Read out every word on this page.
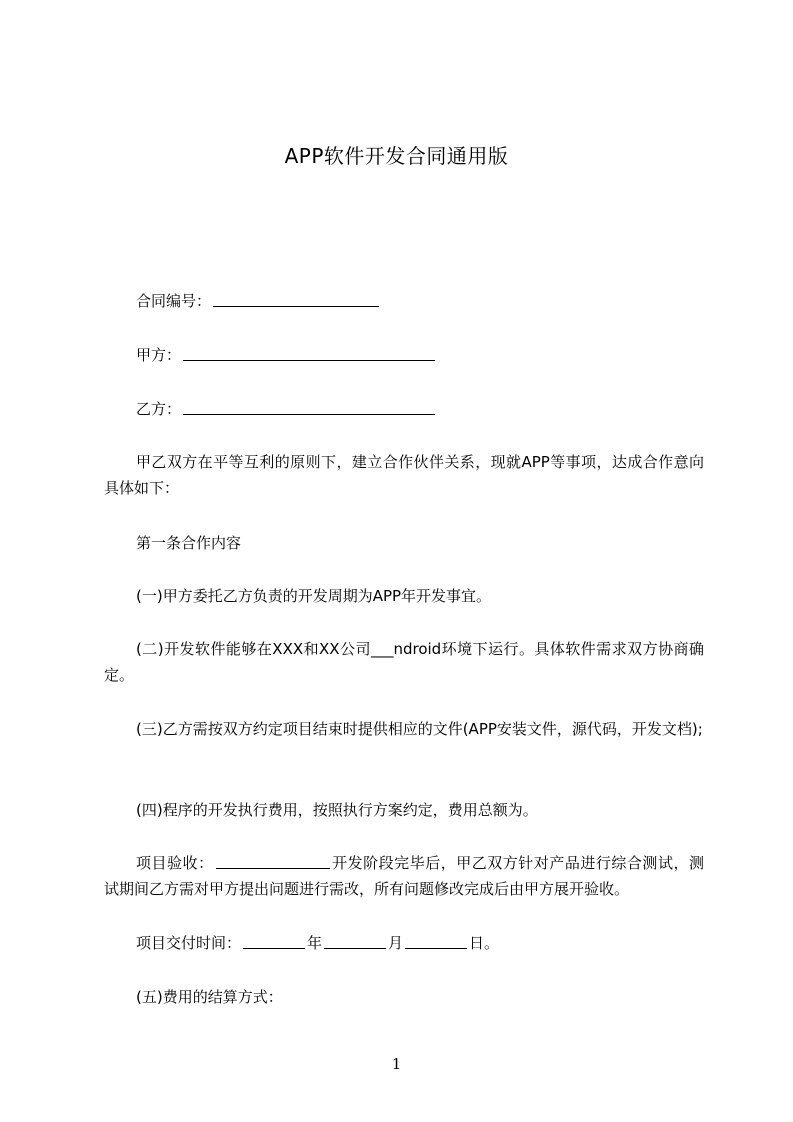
APP软件开发合同通用版
合同编号：
甲方：
乙方：
甲乙双方在平等互利的原则下，建立合作伙伴关系，现就APP等事项，达成合作意向具体如下：
第一条合作内容
(一)甲方委托乙方负责的开发周期为APP年开发事宜。
(二)开发软件能够在XXX和XX公司___ndroid环境下运行。具体软件需求双方协商确定。
(三)乙方需按双方约定项目结束时提供相应的文件(APP安装文件，源代码，开发文档);
(四)程序的开发执行费用，按照执行方案约定，费用总额为。
项目验收：	开发阶段完毕后，甲乙双方针对产品进行综合测试，测试期间乙方需对甲方提出问题进行需改，所有问题修改完成后由甲方展开验收。
项目交付时间：	年	月	日。
(五)费用的结算方式：
1
